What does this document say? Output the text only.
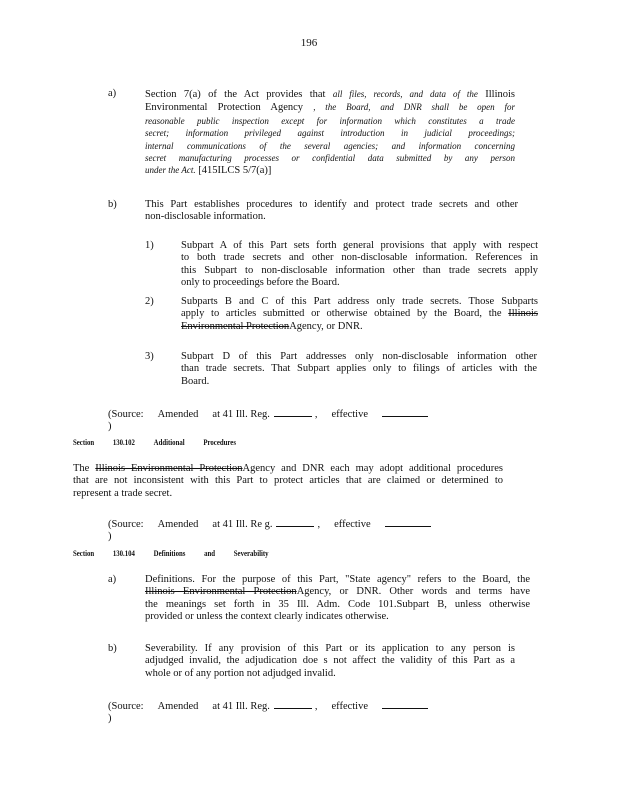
196
a)	Section 7(a) of the Act provides that all files, records, and data of the Illinois
Environmental Protection Agency , the Board, and DNR shall be open for
reasonable public inspection except for information which constitutes a trade
secret; information privileged against introduction in judicial proceedings;
internal communications of the several agencies; and information concerning
secret manufacturing processes or confidential data submitted by any person
under the Act. [415ILCS 5/7(a)]
b)	This Part establishes procedures to identify and protect trade secrets and other
non-disclosable information.
1)	Subpart A of this Part sets forth general provisions that apply with respect
to both trade secrets and other non-disclosable information. References in
this Subpart to non-disclosable information other than trade secrets apply
only to proceedings before the Board.
2)	Subparts B and C of this Part address only trade secrets. Those Subparts
apply to articles submitted or otherwise obtained by the Board, the Illinois
Environmental ProtectionAgency, or DNR.
3)	Subpart D of this Part addresses only non-disclosable information other
than trade secrets. That Subpart applies only to filings of articles with the
Board.
(Source: Amended at 41 Ill. Reg.	, effective)
Section 130.102 Additional Procedures
The Illinois Environmental ProtectionAgency and DNR each may adopt additional procedures
that are not inconsistent with this Part to protect articles that are claimed or determined to
represent a trade secret.
(Source: Amended at 41 Ill. Re g.	, effective)
Section 130.104 Definitions and Severability
a)	Definitions. For the purpose of this Part, "State agency" refers to the Board, the
Illinois Environmental ProtectionAgency, or DNR. Other words and terms have
the meanings set forth in 35 Ill. Adm. Code 101.Subpart B, unless otherwise
provided or unless the context clearly indicates otherwise.
b)	Severability. If any provision of this Part or its application to any person is
adjudged invalid, the adjudication doe s not affect the validity of this Part as a
whole or of any portion not adjudged invalid.
(Source: Amended at 41 Ill. Reg.	, effective)
